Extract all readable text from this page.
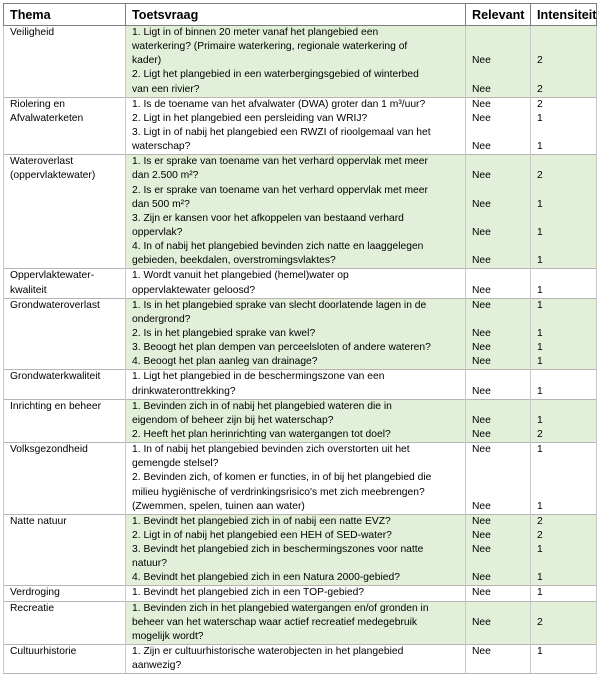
Thema	Toetsvraag	Relevant	Intensiteit

Veiligheid	1. Ligt in of binnen 20 meter vanaf het plangebied een
waterkering? (Primaire waterkering, regionale waterkering of
kader)	Nee	2

	2. Ligt het plangebied in een waterbergingsgebied of winterbed
van een rivier?	Nee	2

Riolering en
Afvalwaterketen	1. Is de toename van het afvalwater (DWA) groter dan 1 m³/uur?	Nee	2

	2. Ligt in het plangebied een persleiding van WRIJ?	Nee	1

	3. Ligt in of nabij het plangebied een RWZI of rioolgemaal van het
waterschap?	Nee	1

Wateroverlast
(oppervlaktewater)	1. Is er sprake van toename van het verhard oppervlak met meer
dan 2.500 m²?	Nee	2

	2. Is er sprake van toename van het verhard oppervlak met meer
dan 500 m²?	Nee	1

	3. Zijn er kansen voor het afkoppelen van bestaand verhard
oppervlak?	Nee	1

	4. In of nabij het plangebied bevinden zich natte en laaggelegen
gebieden, beekdalen, overstromingsvlaktes?	Nee	1

Oppervlaktewater-
kwaliteit	1. Wordt vanuit het plangebied (hemel)water op
oppervlaktewater geloosd?	Nee	1

Grondwateroverlast	1. Is in het plangebied sprake van slecht doorlatende lagen in de
ondergrond?	Nee	1

	2. Is in het plangebied sprake van kwel?	Nee	1

	3. Beoogt het plan dempen van perceelsloten of andere wateren?	Nee	1

	4. Beoogt het plan aanleg van drainage?	Nee	1

Grondwaterkwaliteit	1. Ligt het plangebied in de beschermingszone van een
drinkwateronttrekking?	Nee	1

Inrichting en beheer	1. Bevinden zich in of nabij het plangebied wateren die in
eigendom of beheer zijn bij het waterschap?	Nee	1

	2. Heeft het plan herinrichting van watergangen tot doel?	Nee	2

Volksgezondheid	1. In of nabij het plangebied bevinden zich overstorten uit het
gemengde stelsel?	Nee	1

	2. Bevinden zich, of komen er functies, in of bij het plangebied die
milieu hygiënische of verdrinkingsrisico's met zich meebrengen?
(Zwemmen, spelen, tuinen aan water)	Nee	1

Natte natuur	1. Bevindt het plangebied zich in of nabij een natte EVZ?	Nee	2

	2. Ligt in of nabij het plangebied een HEH of SED-water?	Nee	2

	3. Bevindt het plangebied zich in beschermingszones voor natte
natuur?	Nee	1

	4. Bevindt het plangebied zich in een Natura 2000-gebied?	Nee	1

Verdroging	1. Bevindt het plangebied zich in een TOP-gebied?	Nee	1

Recreatie	1. Bevinden zich in het plangebied watergangen en/of gronden in
beheer van het waterschap waar actief recreatief medegebruik
mogelijk wordt?	Nee	2

Cultuurhistorie	1. Zijn er cultuurhistorische waterobjecten in het plangebied
aanwezig?	Nee	1
